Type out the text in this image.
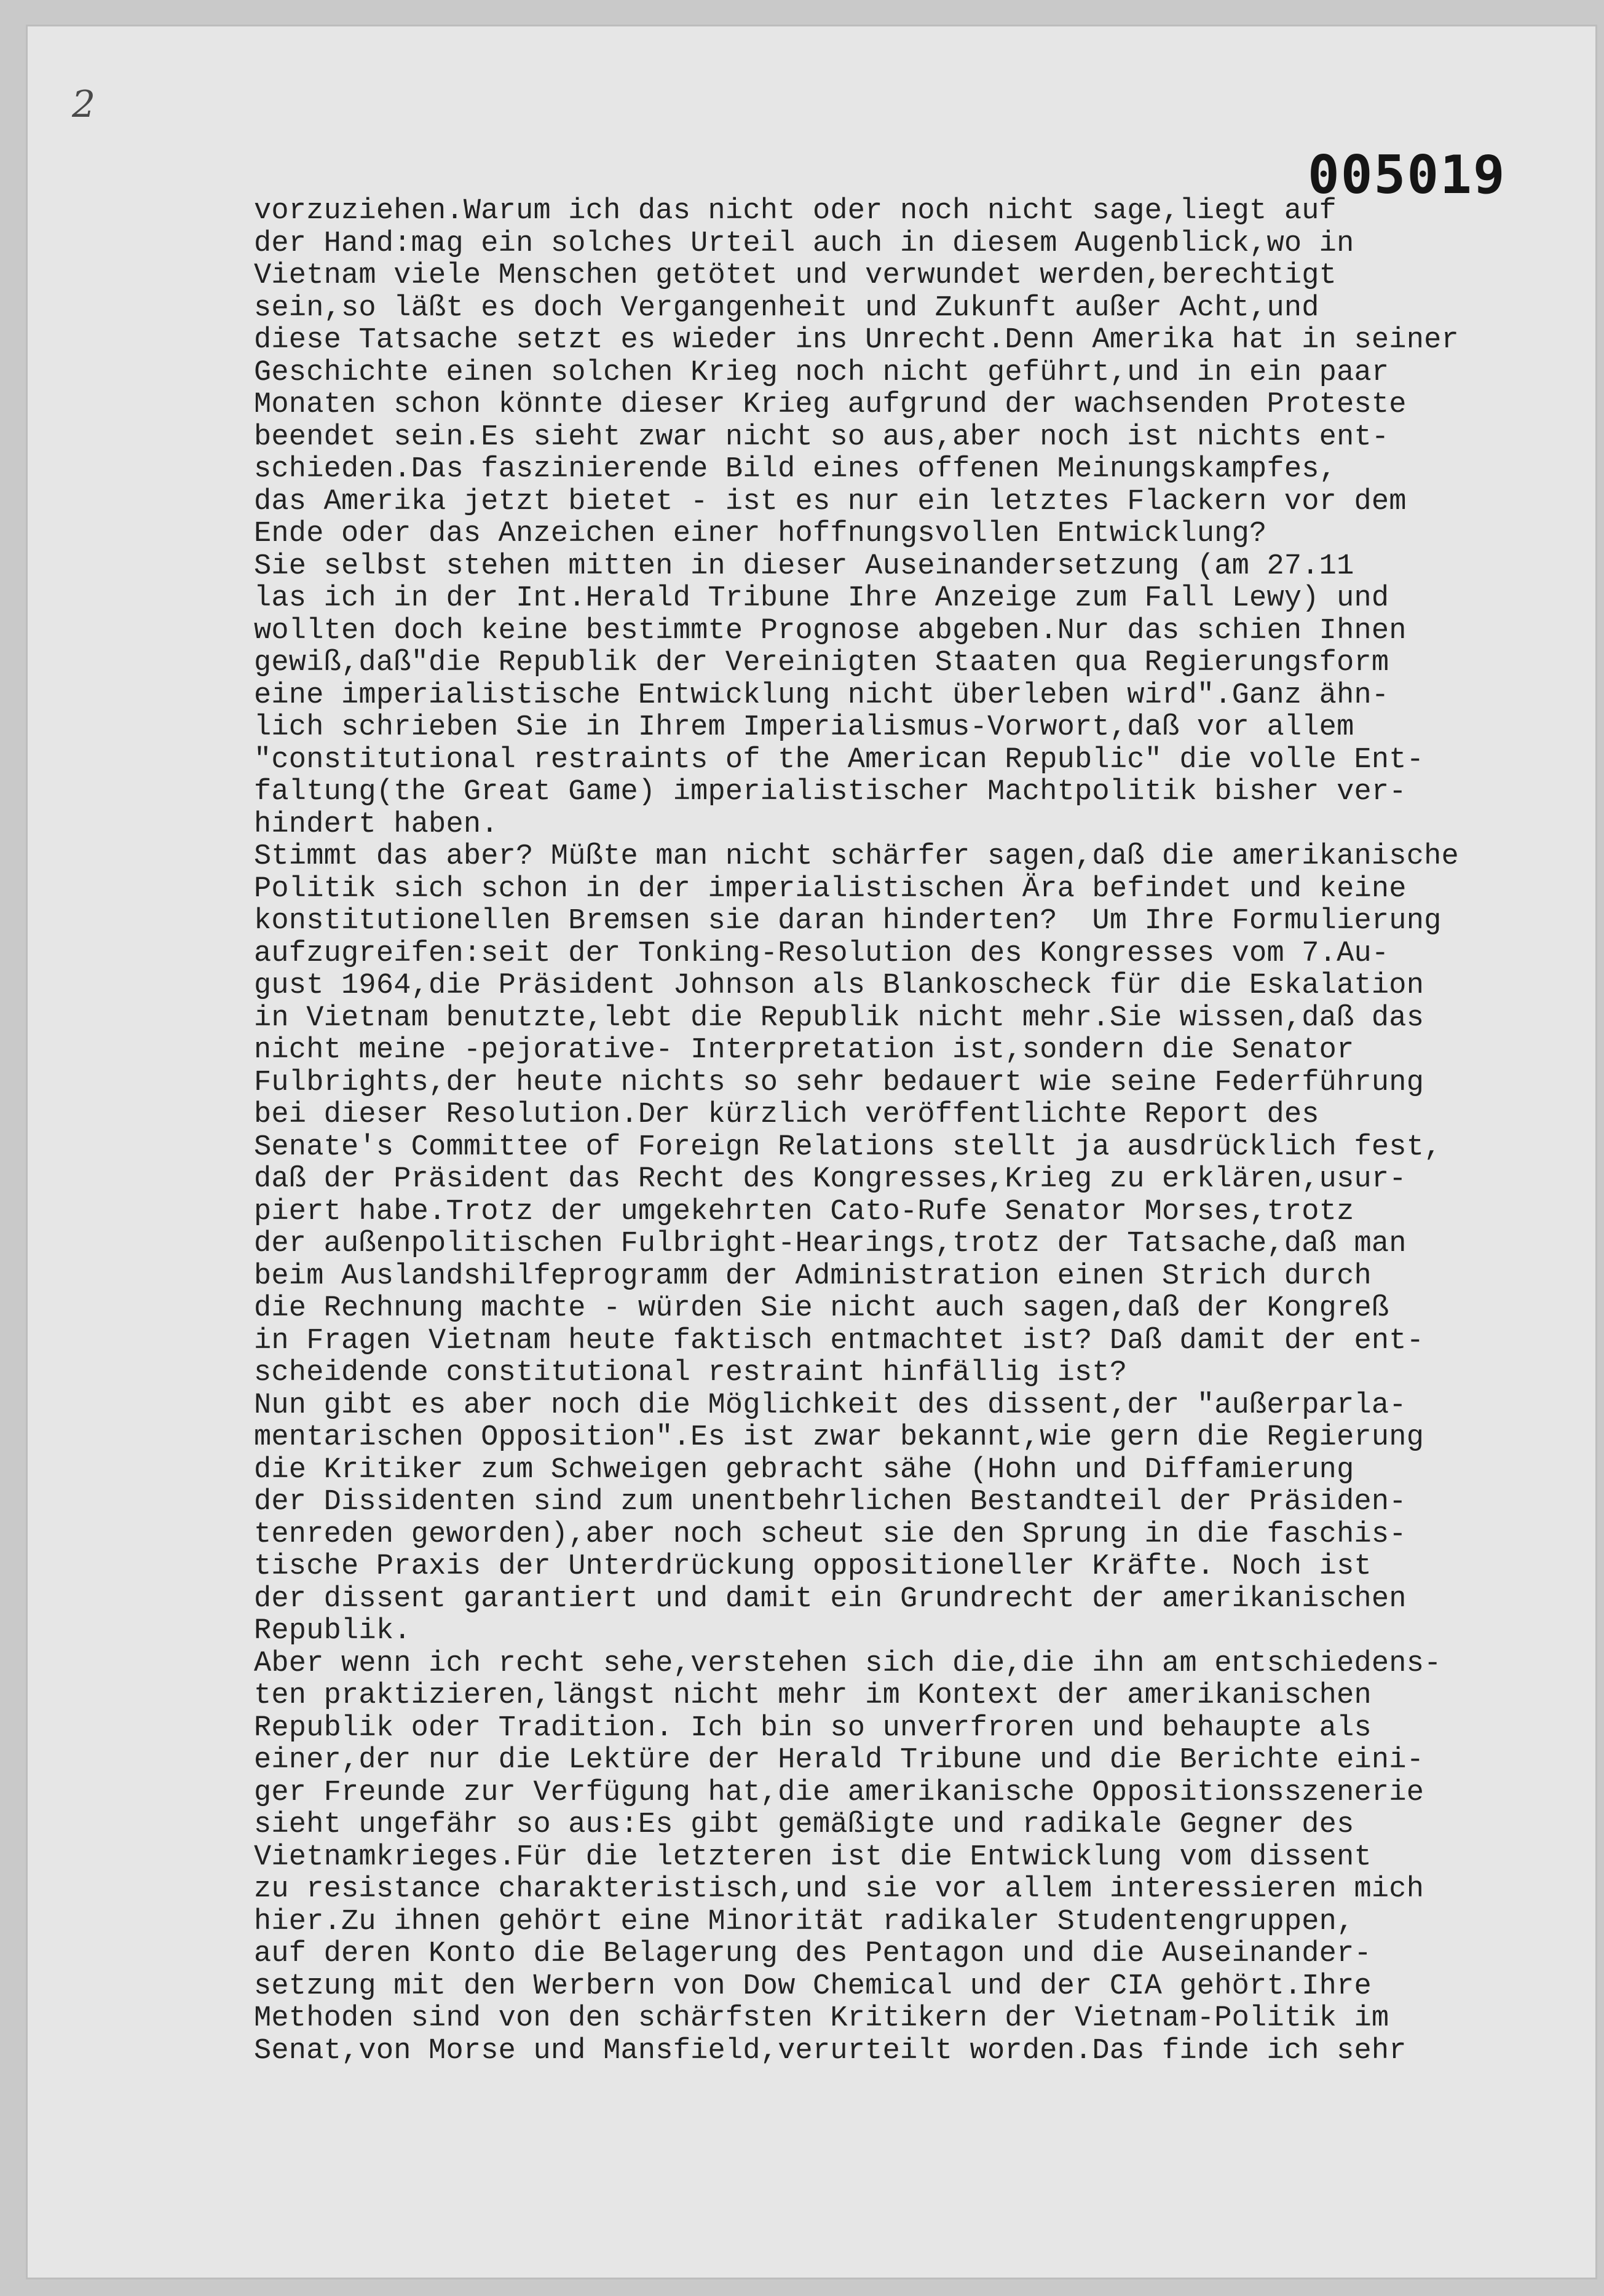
2
005019
vorzuziehen.Warum ich das nicht oder noch nicht sage,liegt auf
der Hand:mag ein solches Urteil auch in diesem Augenblick,wo in
Vietnam viele Menschen getötet und verwundet werden,berechtigt
sein,so läßt es doch Vergangenheit und Zukunft außer Acht,und
diese Tatsache setzt es wieder ins Unrecht.Denn Amerika hat in seiner
Geschichte einen solchen Krieg noch nicht geführt,und in ein paar
Monaten schon könnte dieser Krieg aufgrund der wachsenden Proteste
beendet sein.Es sieht zwar nicht so aus,aber noch ist nichts ent-
schieden.Das faszinierende Bild eines offenen Meinungskampfes,
das Amerika jetzt bietet - ist es nur ein letztes Flackern vor dem
Ende oder das Anzeichen einer hoffnungsvollen Entwicklung?
Sie selbst stehen mitten in dieser Auseinandersetzung (am 27.11
las ich in der Int.Herald Tribune Ihre Anzeige zum Fall Lewy) und
wollten doch keine bestimmte Prognose abgeben.Nur das schien Ihnen
gewiß,daß"die Republik der Vereinigten Staaten qua Regierungsform
eine imperialistische Entwicklung nicht überleben wird".Ganz ähn-
lich schrieben Sie in Ihrem Imperialismus-Vorwort,daß vor allem
"constitutional restraints of the American Republic" die volle Ent-
faltung(the Great Game) imperialistischer Machtpolitik bisher ver-
hindert haben.
Stimmt das aber? Müßte man nicht schärfer sagen,daß die amerikanische
Politik sich schon in der imperialistischen Ära befindet und keine
konstitutionellen Bremsen sie daran hinderten?  Um Ihre Formulierung
aufzugreifen:seit der Tonking-Resolution des Kongresses vom 7.Au-
gust 1964,die Präsident Johnson als Blankoscheck für die Eskalation
in Vietnam benutzte,lebt die Republik nicht mehr.Sie wissen,daß das
nicht meine -pejorative- Interpretation ist,sondern die Senator
Fulbrights,der heute nichts so sehr bedauert wie seine Federführung
bei dieser Resolution.Der kürzlich veröffentlichte Report des
Senate's Committee of Foreign Relations stellt ja ausdrücklich fest,
daß der Präsident das Recht des Kongresses,Krieg zu erklären,usur-
piert habe.Trotz der umgekehrten Cato-Rufe Senator Morses,trotz
der außenpolitischen Fulbright-Hearings,trotz der Tatsache,daß man
beim Auslandshilfeprogramm der Administration einen Strich durch
die Rechnung machte - würden Sie nicht auch sagen,daß der Kongreß
in Fragen Vietnam heute faktisch entmachtet ist? Daß damit der ent-
scheidende constitutional restraint hinfällig ist?
Nun gibt es aber noch die Möglichkeit des dissent,der "außerparla-
mentarischen Opposition".Es ist zwar bekannt,wie gern die Regierung
die Kritiker zum Schweigen gebracht sähe (Hohn und Diffamierung
der Dissidenten sind zum unentbehrlichen Bestandteil der Präsiden-
tenreden geworden),aber noch scheut sie den Sprung in die faschis-
tische Praxis der Unterdrückung oppositioneller Kräfte. Noch ist
der dissent garantiert und damit ein Grundrecht der amerikanischen
Republik.
Aber wenn ich recht sehe,verstehen sich die,die ihn am entschiedens-
ten praktizieren,längst nicht mehr im Kontext der amerikanischen
Republik oder Tradition. Ich bin so unverfroren und behaupte als
einer,der nur die Lektüre der Herald Tribune und die Berichte eini-
ger Freunde zur Verfügung hat,die amerikanische Oppositionsszenerie
sieht ungefähr so aus:Es gibt gemäßigte und radikale Gegner des
Vietnamkrieges.Für die letzteren ist die Entwicklung vom dissent
zu resistance charakteristisch,und sie vor allem interessieren mich
hier.Zu ihnen gehört eine Minorität radikaler Studentengruppen,
auf deren Konto die Belagerung des Pentagon und die Auseinander-
setzung mit den Werbern von Dow Chemical und der CIA gehört.Ihre
Methoden sind von den schärfsten Kritikern der Vietnam-Politik im
Senat,von Morse und Mansfield,verurteilt worden.Das finde ich sehr
